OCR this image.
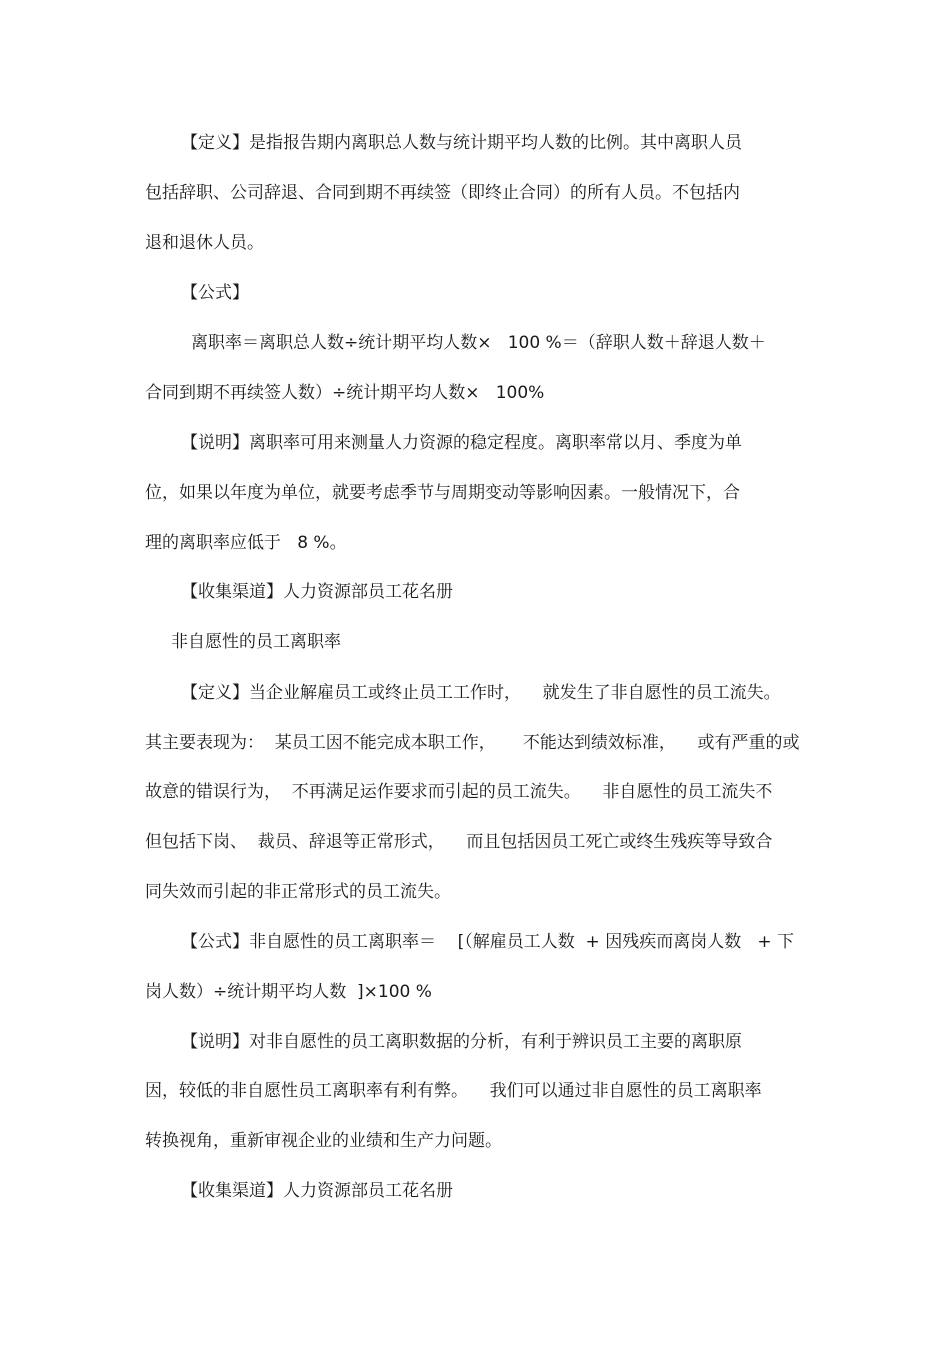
【定义】是指报告期内离职总人数与统计期平均人数的比例。其中离职人员
包括辞职、公司辞退、合同到期不再续签（即终止合同）的所有人员。不包括内
退和退休人员。
【公式】
离职率＝离职总人数÷统计期平均人数×   100 %＝（辞职人数＋辞退人数＋
合同到期不再续签人数）÷统计期平均人数×   100%
【说明】离职率可用来测量人力资源的稳定程度。离职率常以月、季度为单
位，如果以年度为单位，就要考虑季节与周期变动等影响因素。一般情况下，合
理的离职率应低于   8 %。
【收集渠道】人力资源部员工花名册
非自愿性的员工离职率
【定义】当企业解雇员工或终止员工工作时，    就发生了非自愿性的员工流失。
其主要表现为：  某员工因不能完成本职工作，     不能达到绩效标准，    或有严重的或
故意的错误行为，  不再满足运作要求而引起的员工流失。    非自愿性的员工流失不
但包括下岗、  裁员、辞退等正常形式，    而且包括因员工死亡或终生残疾等导致合
同失效而引起的非正常形式的员工流失。
【公式】非自愿性的员工离职率＝    [（解雇员工人数  + 因残疾而离岗人数   + 下
岗人数）÷统计期平均人数  ]×100 %
【说明】对非自愿性的员工离职数据的分析，有利于辨识员工主要的离职原
因，较低的非自愿性员工离职率有利有弊。    我们可以通过非自愿性的员工离职率
转换视角，重新审视企业的业绩和生产力问题。
【收集渠道】人力资源部员工花名册
